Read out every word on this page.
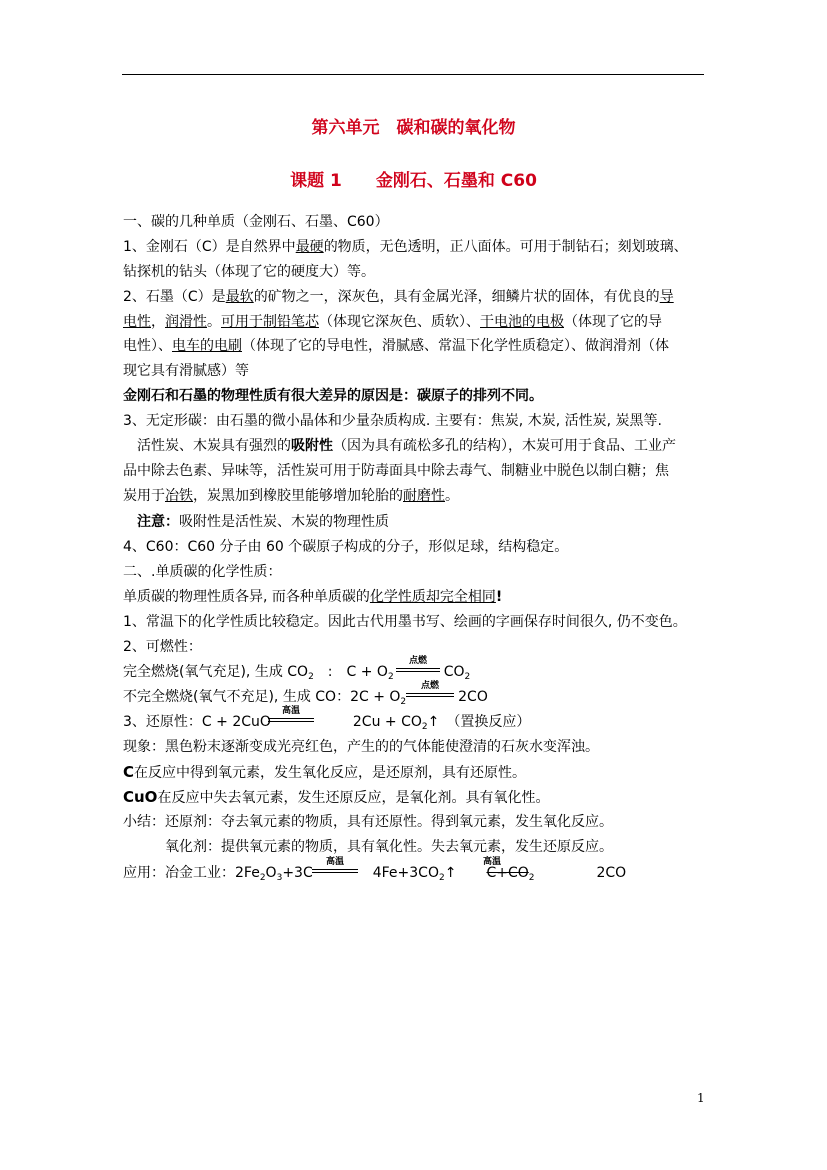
第六单元　碳和碳的氧化物
课题 1　　金刚石、石墨和 C60
一、碳的几种单质（金刚石、石墨、C60）
1、金刚石（C）是自然界中最硬的物质，无色透明，正八面体。可用于制钻石；刻划玻璃、
钻探机的钻头（体现了它的硬度大）等。
2、石墨（C）是最软的矿物之一，深灰色，具有金属光泽，细鳞片状的固体，有优良的导
电性，润滑性。可用于制铅笔芯（体现它深灰色、质软）、干电池的电极（体现了它的导
电性）、电车的电刷（体现了它的导电性，滑腻感、常温下化学性质稳定）、做润滑剂（体
现它具有滑腻感）等
金刚石和石墨的物理性质有很大差异的原因是：碳原子的排列不同。
3、无定形碳：由石墨的微小晶体和少量杂质构成. 主要有：焦炭, 木炭, 活性炭, 炭黑等.
　活性炭、木炭具有强烈的吸附性（因为具有疏松多孔的结构），木炭可用于食品、工业产
品中除去色素、异味等，活性炭可用于防毒面具中除去毒气、制糖业中脱色以制白糖；焦
炭用于冶铁，炭黑加到橡胶里能够增加轮胎的耐磨性。
　注意：吸附性是活性炭、木炭的物理性质
4、C60：C60 分子由 60 个碳原子构成的分子，形似足球，结构稳定。
二、.单质碳的化学性质：
单质碳的物理性质各异, 而各种单质碳的化学性质却完全相同!
1、常温下的化学性质比较稳定。因此古代用墨书写、绘画的字画保存时间很久, 仍不变色。
2、可燃性：
完全燃烧(氧气充足), 生成 $CO_2$　:　$C + O_2$	$CO_2$
点燃
不完全燃烧(氧气不充足), 生成 CO：$2C + O_2$	2CO
点燃
3、还原性：C + 2CuO	$2Cu + CO_2↑$　（置换反应）
高温
现象：黑色粉末逐渐变成光亮红色，产生的的气体能使澄清的石灰水变浑浊。
C在反应中得到氧元素，发生氧化反应，是还原剂，具有还原性。
CuO在反应中失去氧元素，发生还原反应，是氧化剂。具有氧化性。
小结：还原剂：夺去氧元素的物质，具有还原性。得到氧元素，发生氧化反应。
　　　氧化剂：提供氧元素的物质，具有氧化性。失去氧元素，发生还原反应。
应用：冶金工业：$2Fe_2O_3+3C$	$4Fe+3CO_2↑$ $C+CO_2$	2CO
高温	高温
1
